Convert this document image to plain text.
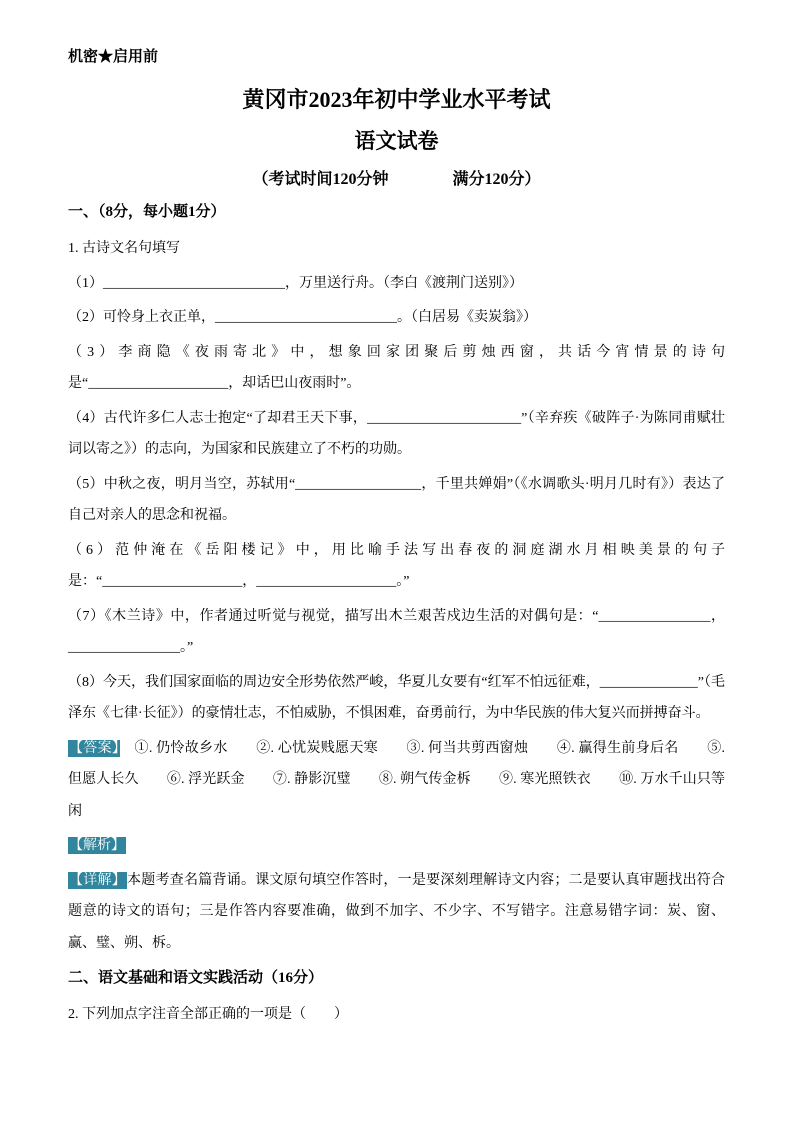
机密★启用前

黄冈市2023年初中学业水平考试
语文试卷

（考试时间120分钟　　　　满分120分）

一、（8分，每小题1分）

1. 古诗文名句填写

（1）__________________________，万里送行舟。（李白《渡荆门送别》）

（2）可怜身上衣正单，__________________________。（白居易《卖炭翁》）

（3）李商隐《夜雨寄北》中，想象回家团聚后剪烛西窗，共话今宵情景的诗句是“____________________，却话巴山夜雨时”。

（4）古代许多仁人志士抱定“了却君王天下事，______________________”（辛弃疾《破阵子·为陈同甫赋壮词以寄之》）的志向，为国家和民族建立了不朽的功勋。

（5）中秋之夜，明月当空，苏轼用“__________________，千里共婵娟”（《水调歌头·明月几时有》）表达了自己对亲人的思念和祝福。

（6）范仲淹在《岳阳楼记》中，用比喻手法写出春夜的洞庭湖水月相映美景的句子是：“____________________，____________________。”

（7）《木兰诗》中，作者通过听觉与视觉，描写出木兰艰苦戍边生活的对偶句是：“________________，________________。”

（8）今天，我们国家面临的周边安全形势依然严峻，华夏儿女要有“红军不怕远征难，______________”（毛泽东《七律·长征》）的豪情壮志，不怕威胁，不惧困难，奋勇前行，为中华民族的伟大复兴而拼搏奋斗。

【答案】　①. 仍怜故乡水　　②. 心忧炭贱愿天寒　　③. 何当共剪西窗烛　　④. 赢得生前身后名　　⑤. 但愿人长久　　⑥. 浮光跃金　　⑦. 静影沉璧　　⑧. 朔气传金柝　　⑨. 寒光照铁衣　　⑩. 万水千山只等闲

【解析】

【详解】本题考查名篇背诵。课文原句填空作答时，一是要深刻理解诗文内容；二是要认真审题找出符合题意的诗文的语句；三是作答内容要准确，做到不加字、不少字、不写错字。注意易错字词：炭、窗、赢、璧、朔、柝。

二、语文基础和语文实践活动（16分）

2. 下列加点字注音全部正确的一项是（　　）
